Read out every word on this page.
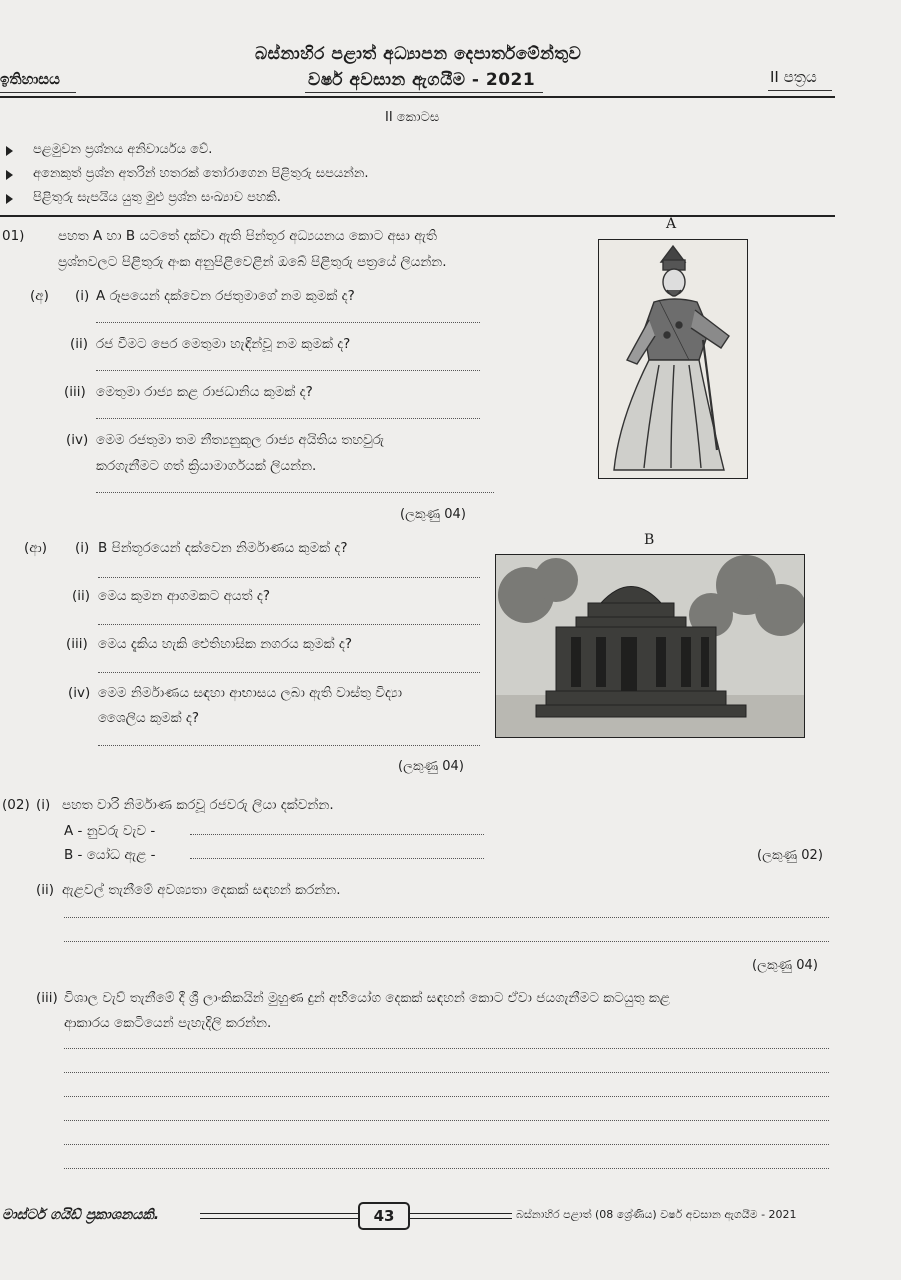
බස්නාහිර පළාත් අධ්‍යාපන දෙපාර්තමේන්තුව
වර්ෂ අවසාන ඇගයීම - 2021
ඉතිහාසය	II පත්‍රය
II කොටස
පළමුවන ප්‍රශ්නය අනිවාර්යය වේ.
අනෙකුත් ප්‍රශ්න අතරින් හතරක් තෝරාගෙන පිළිතුරු සපයන්න.
පිළිතුරු සැපයිය යුතු මුළු ප්‍රශ්න සංඛ්‍යාව පහකි.
01) පහත A හා B යටතේ දක්වා ඇති පින්තූර අධ්‍යයනය කොට අසා ඇති
ප්‍රශ්නවලට පිළිතුරු අංක අනුපිළිවෙළින් ඔබේ පිළිතුරු පත්‍රයේ ලියන්න.
A
(අ) (i) A රූපයෙන් දක්වෙන රජතුමාගේ නම කුමක් ද?
(ii) රජ වීමට පෙර මෙතුමා හැඳින්වූ නම කුමක් ද?
(iii) මෙතුමා රාජ්‍ය කළ රාජධානිය කුමක් ද?
(iv) මෙම රජතුමා තම නීත්‍යනුකූල රාජ්‍ය අයිතිය තහවුරු
කරගැනීමට ගත් ක්‍රියාමාර්ගයක් ලියන්න.
(ලකුණු 04)
B
(ආ) (i) B පින්තූරයෙන් දක්වෙන නිර්මාණය කුමක් ද?
(ii) මෙය කුමන ආගමකට අයත් ද?
(iii) මෙය දැකිය හැකි ඓතිහාසික නගරය කුමක් ද?
(iv) මෙම නිර්මාණය සඳහා ආභාසය ලබා ඇති වාස්තු විද්‍යා
ශෛලිය කුමක් ද?
(ලකුණු 04)
(02) (i) පහත වාරි නිර්මාණ කරවූ රජවරු ලියා දක්වන්න.
A - නුවරු වැව -
B - යෝධ ඇළ -	(ලකුණු 02)
(ii) ඇළවල් තැනීමේ අවශ්‍යතා දෙකක් සඳහන් කරන්න.
(ලකුණු 04)
(iii) විශාල වැව් තැනීමේ දී ශ්‍රී ලාංකිකයින් මුහුණ දුන් අභියෝග දෙකක් සඳහන් කොට ඒවා ජයගැනීමට කටයුතු කළ
ආකාරය කෙටියෙන් පැහැදිලි කරන්න.
මාස්ටර් ගයිඩ් ප්‍රකාශනයකි.	43	බස්නාහිර පළාත් (08 ශ්‍රේණිය) වර්ෂ අවසාන ඇගයීම - 2021
